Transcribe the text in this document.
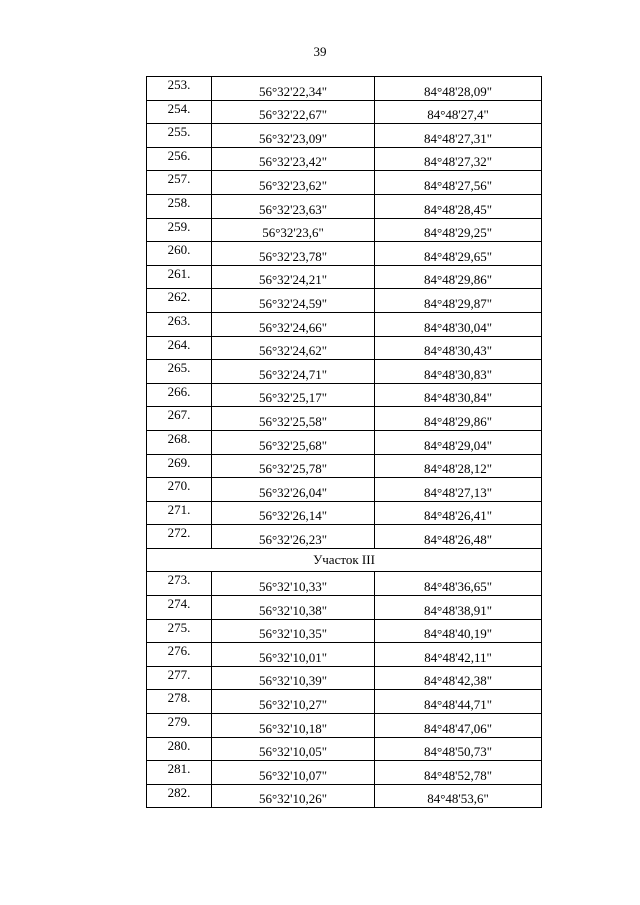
39
253.	56°32'22,34"	84°48'28,09"
254.	56°32'22,67"	84°48'27,4"
255.	56°32'23,09"	84°48'27,31"
256.	56°32'23,42"	84°48'27,32"
257.	56°32'23,62"	84°48'27,56"
258.	56°32'23,63"	84°48'28,45"
259.	56°32'23,6"	84°48'29,25"
260.	56°32'23,78"	84°48'29,65"
261.	56°32'24,21"	84°48'29,86"
262.	56°32'24,59"	84°48'29,87"
263.	56°32'24,66"	84°48'30,04"
264.	56°32'24,62"	84°48'30,43"
265.	56°32'24,71"	84°48'30,83"
266.	56°32'25,17"	84°48'30,84"
267.	56°32'25,58"	84°48'29,86"
268.	56°32'25,68"	84°48'29,04"
269.	56°32'25,78"	84°48'28,12"
270.	56°32'26,04"	84°48'27,13"
271.	56°32'26,14"	84°48'26,41"
272.	56°32'26,23"	84°48'26,48"
Участок III		
273.	56°32'10,33"	84°48'36,65"
274.	56°32'10,38"	84°48'38,91"
275.	56°32'10,35"	84°48'40,19"
276.	56°32'10,01"	84°48'42,11"
277.	56°32'10,39"	84°48'42,38"
278.	56°32'10,27"	84°48'44,71"
279.	56°32'10,18"	84°48'47,06"
280.	56°32'10,05"	84°48'50,73"
281.	56°32'10,07"	84°48'52,78"
282.	56°32'10,26"	84°48'53,6"
